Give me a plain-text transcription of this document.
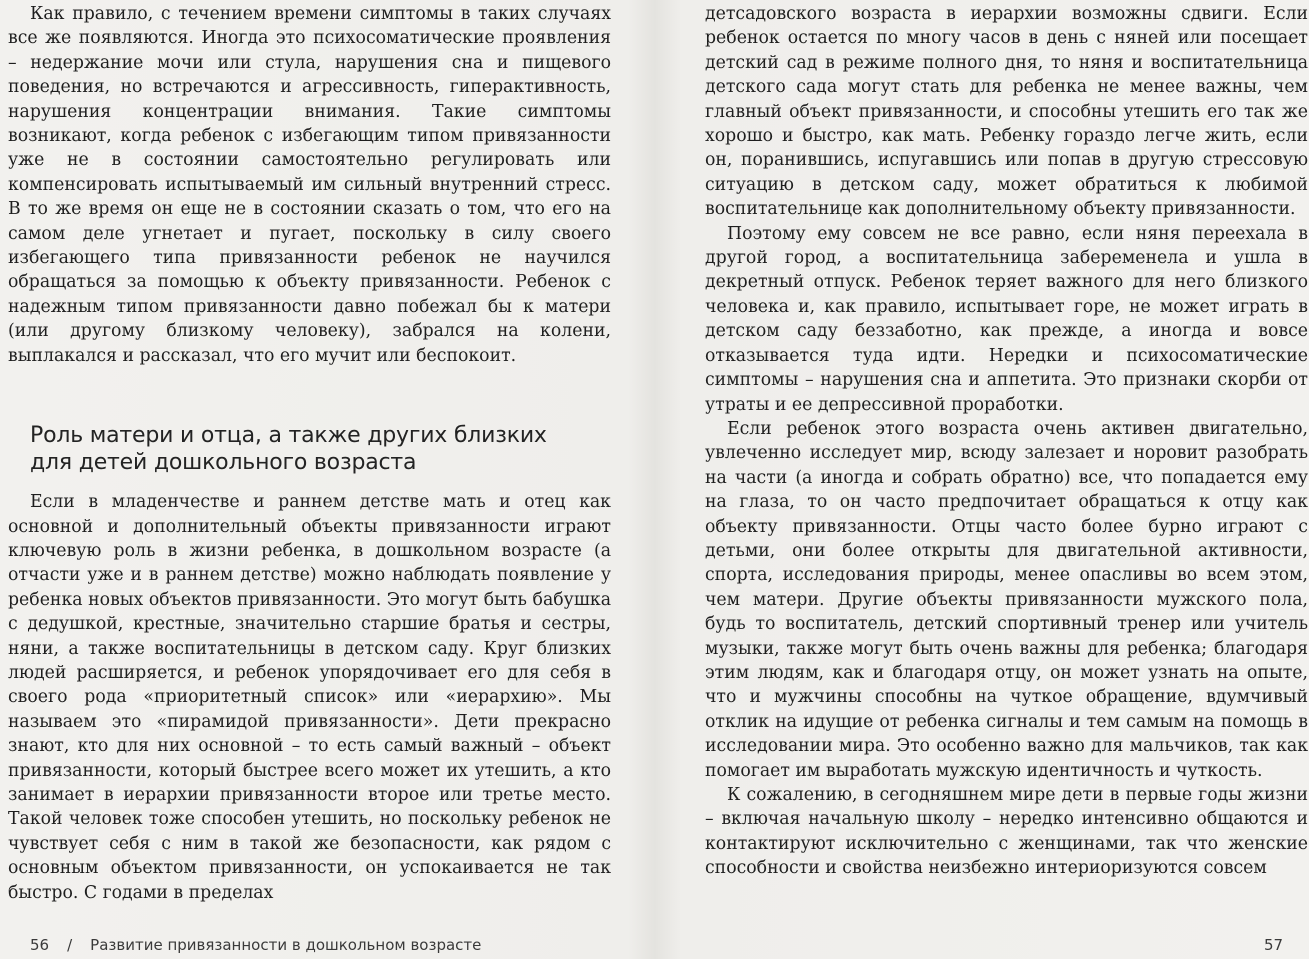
Как правило, с течением времени симптомы в таких случаях все же появляются. Иногда это психосоматические проявления – недержание мочи или стула, нарушения сна и пищевого поведения, но встречаются и агрессивность, гиперактивность, нарушения концентрации внимания. Такие симптомы возникают, когда ребенок с избегающим типом привязанности уже не в состоянии самостоятельно регулировать или компенсировать испытываемый им сильный внутренний стресс. В то же время он еще не в состоянии сказать о том, что его на самом деле угнетает и пугает, поскольку в силу своего избегающего типа привязанности ребенок не научился обращаться за помощью к объекту привязанности. Ребенок с надежным типом привязанности давно побежал бы к матери (или другому близкому человеку), забрался на колени, выплакался и рассказал, что его мучит или беспокоит.

Роль матери и отца, а также других близких
для детей дошкольного возраста

Если в младенчестве и раннем детстве мать и отец как основной и дополнительный объекты привязанности играют ключевую роль в жизни ребенка, в дошкольном возрасте (а отчасти уже и в раннем детстве) можно наблюдать появление у ребенка новых объектов привязанности. Это могут быть бабушка с дедушкой, крестные, значительно старшие братья и сестры, няни, а также воспитательницы в детском саду. Круг близких людей расширяется, и ребенок упорядочивает его для себя в своего рода «приоритетный список» или «иерархию». Мы называем это «пирамидой привязанности». Дети прекрасно знают, кто для них основной – то есть самый важный – объект привязанности, который быстрее всего может их утешить, а кто занимает в иерархии привязанности второе или третье место. Такой человек тоже способен утешить, но поскольку ребенок не чувствует себя с ним в такой же безопасности, как рядом с основным объектом привязанности, он успокаивается не так быстро. С годами в пределах

детсадовского возраста в иерархии возможны сдвиги. Если ребенок остается по многу часов в день с няней или посещает детский сад в режиме полного дня, то няня и воспитательница детского сада могут стать для ребенка не менее важны, чем главный объект привязанности, и способны утешить его так же хорошо и быстро, как мать. Ребенку гораздо легче жить, если он, поранившись, испугавшись или попав в другую стрессовую ситуацию в детском саду, может обратиться к любимой воспитательнице как дополнительному объекту привязанности.

Поэтому ему совсем не все равно, если няня переехала в другой город, а воспитательница забеременела и ушла в декретный отпуск. Ребенок теряет важного для него близкого человека и, как правило, испытывает горе, не может играть в детском саду беззаботно, как прежде, а иногда и вовсе отказывается туда идти. Нередки и психосоматические симптомы – нарушения сна и аппетита. Это признаки скорби от утраты и ее депрессивной проработки.

Если ребенок этого возраста очень активен двигательно, увлеченно исследует мир, всюду залезает и норовит разобрать на части (а иногда и собрать обратно) все, что попадается ему на глаза, то он часто предпочитает обращаться к отцу как объекту привязанности. Отцы часто более бурно играют с детьми, они более открыты для двигательной активности, спорта, исследования природы, менее опасливы во всем этом, чем матери. Другие объекты привязанности мужского пола, будь то воспитатель, детский спортивный тренер или учитель музыки, также могут быть очень важны для ребенка; благодаря этим людям, как и благодаря отцу, он может узнать на опыте, что и мужчины способны на чуткое обращение, вдумчивый отклик на идущие от ребенка сигналы и тем самым на помощь в исследовании мира. Это особенно важно для мальчиков, так как помогает им выработать мужскую идентичность и чуткость.

К сожалению, в сегодняшнем мире дети в первые годы жизни – включая начальную школу – нередко интенсивно общаются и контактируют исключительно с женщинами, так что женские способности и свойства неизбежно интериоризуются совсем

56 / Развитие привязанности в дошкольном возрасте	57
